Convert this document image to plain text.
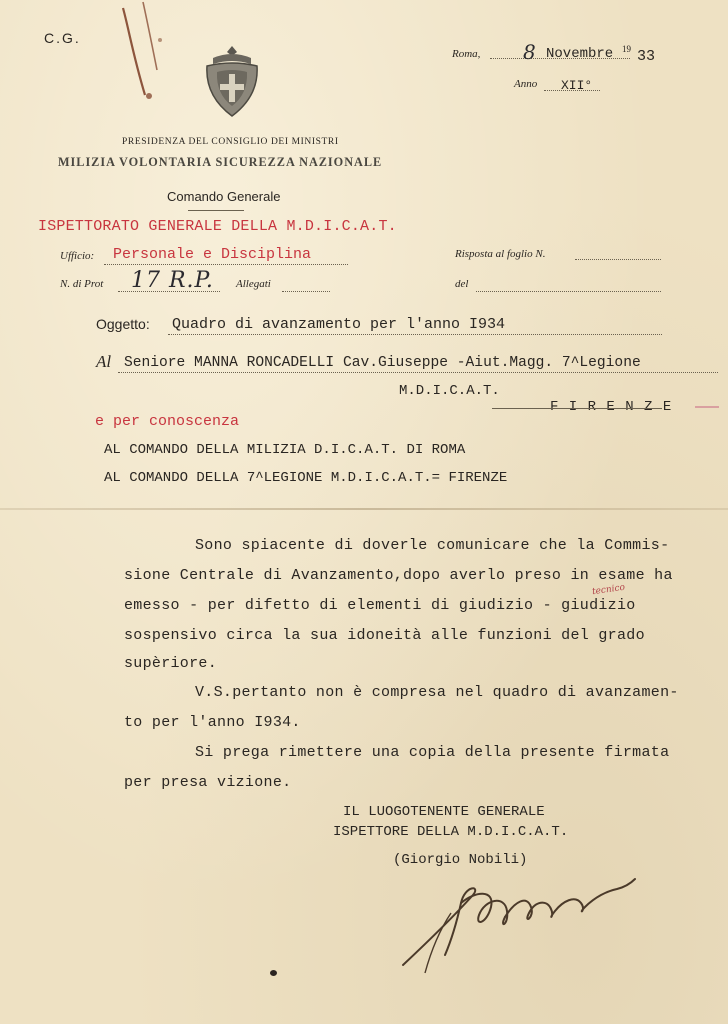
C.G.
Roma, 8 Novembre 19 33
Anno XII°
PRESIDENZA DEL CONSIGLIO DEI MINISTRI
MILIZIA VOLONTARIA SICUREZZA NAZIONALE
Comando Generale
ISPETTORATO GENERALE DELLA M.D.I.C.A.T.
Ufficio: Personale e Disciplina	Risposta al foglio N.
N. di Prot 17 R.P. Allegati	del
Oggetto: Quadro di avanzamento per l'anno I934
Al Seniore MANNA RONCADELLI Cav.Giuseppe -Aiut.Magg. 7^Legione
M.D.I.C.A.T.
F I R E N Z E
e per conoscenza
AL COMANDO DELLA MILIZIA D.I.C.A.T. DI ROMA
AL COMANDO DELLA 7^LEGIONE M.D.I.C.A.T.= FIRENZE
Sono spiacente di doverle comunicare che la Commis-
sione Centrale di Avanzamento,dopo averlo preso in esame ha
tecnico
emesso - per difetto di elementi di giudizio - giudizio
sospensivo circa la sua idoneità alle funzioni del grado
supèriore.
V.S.pertanto non è compresa nel quadro di avanzamen-
to per l'anno I934.
Si prega rimettere una copia della presente firmata
per presa vizione.
IL LUOGOTENENTE GENERALE
ISPETTORE DELLA M.D.I.C.A.T.
(Giorgio Nobili)
